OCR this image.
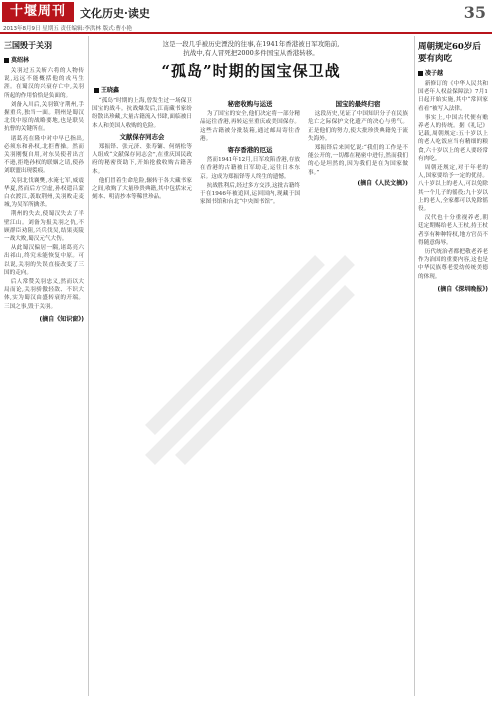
十堰周刊	文化历史·读史
2013年8月9日 星期五 责任编辑:李洪林 版式:曹小艳
35
三国毁于关羽
莫绍林

关羽过五关斩六将的人物传说,远远不能概括他的戎马生涯。在蜀汉的兴衰存亡中,关羽所起的作用恰恰是负面的。

刘备入川后,关羽镇守荆州,手握重兵,独当一面。荆州是蜀汉北伐中原的战略要地,也是联吴抗曹的关键所在。

诸葛亮在隆中对中早已指出,必须东和孙权,北拒曹操。然而关羽刚愎自用,对东吴使者出言不逊,拒绝孙权的联姻之请,使孙刘联盟出现裂痕。

关羽北伐襄樊,水淹七军,威震华夏,然而后方空虚,孙权遣吕蒙白衣渡江,袭取荆州,关羽败走麦城,为吴军所擒杀。

荆州的失去,使蜀汉失去了半壁江山。刘备为报关羽之仇,不顾群臣劝阻,兴兵伐吴,结果夷陵一战大败,蜀汉元气大伤。

从此蜀汉偏居一隅,诸葛亮六出祁山,终究未能恢复中原。可以说,关羽的失误直接改变了三国的走向。

后人常赞关羽忠义,然而以大局而论,关羽骄傲轻敌、不识大体,实为蜀汉由盛转衰的开端。三国之事,毁于关羽。

(摘自《知识窗》)
这是一段几乎被历史湮没的往事,在1941年香港被日军攻陷前,
抗战中,有人冒死把2000多件国宝从香港转移。
“孤岛”时期的国宝保卫战
王晓鑫

“孤岛”时期的上海,曾发生过一场保卫国宝的战斗。抗战爆发后,江南藏书家纷纷散出珍藏,大量古籍流入书肆,面临被日本人和美国人收购的危险。

文献保存同志会

郑振铎、张元济、张寿镛、何炳松等人组成“文献保存同志会”,在重庆国民政府的秘密资助下,开始抢救收购古籍善本。

他们冒着生命危险,辗转于各大藏书家之间,收购了大量珍贵典籍,其中包括宋元刻本、明清抄本等稀世珍品。

秘密收购与运送

为了国宝的安全,他们决定将一部分精品运往香港,再转运至重庆或美国保存。这些古籍被分批装箱,通过邮局寄往香港。

寄存香港的厄运

然而1941年12月,日军攻陷香港,存放在香港的古籍被日军劫走,运往日本东京。这成为郑振铎等人终生的遗憾。

抗战胜利后,经过多方交涉,这批古籍终于在1946年被追回,运回国内,现藏于国家图书馆和台北“中央图书馆”。

国宝的最终归宿

这段历史,见证了中国知识分子在民族危亡之际保护文化遗产的决心与勇气。正是他们的努力,使大批珍贵典籍免于流失海外。

郑振铎后来回忆说:“我们的工作是不能公开的,一切都在秘密中进行,然而我们的心是坦然的,因为我们是在为国家做事。”

(摘自《人民文摘》)
周朝规定60岁后要有肉吃
凌子越

新修订的《中华人民共和国老年人权益保障法》7月1日起开始实施,其中“常回家看看”被写入法律。

事实上,中国古代便有赡养老人的传统。据《礼记》记载,周朝规定:五十岁以上的老人吃饭应当有精细的粮食,六十岁以上的老人要经常有肉吃。

周朝还规定,对于年老的人,国家要给予一定的优待。八十岁以上的老人,可以免除其一个儿子的徭役;九十岁以上的老人,全家都可以免除徭役。

汉代也十分重视养老,朝廷定期赐给老人王杖,持王杖者享有种种特权,地方官员不得随意侮辱。

历代统治者都把敬老养老作为治国的重要内容,这也是中华民族尊老爱幼传统美德的体现。

(摘自《深圳晚报》)
